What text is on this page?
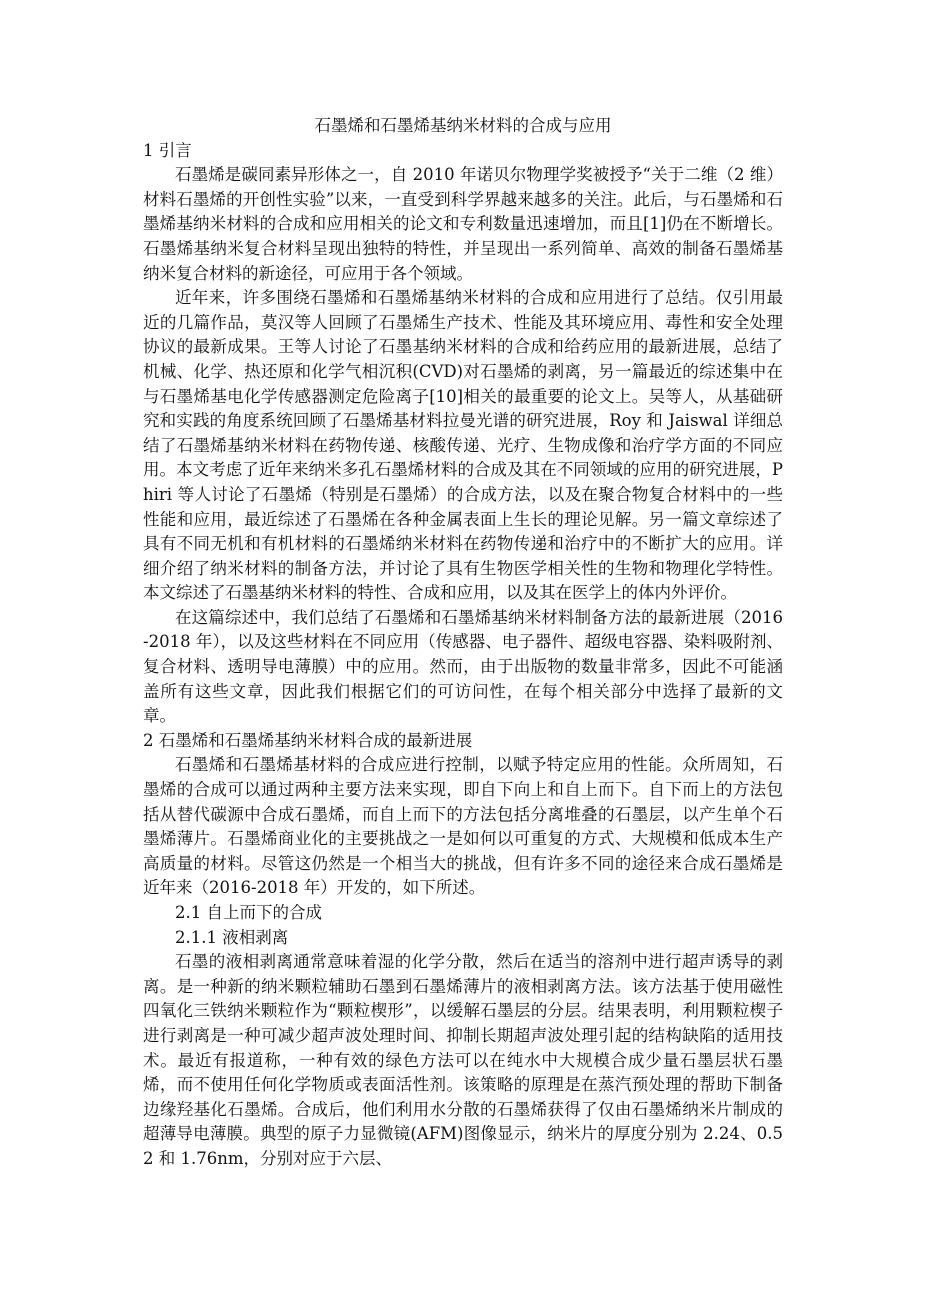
石墨烯和石墨烯基纳米材料的合成与应用
1 引言

石墨烯是碳同素异形体之一，自 2010 年诺贝尔物理学奖被授予“关于二维（2 维）材料石墨烯的开创性实验”以来，一直受到科学界越来越多的关注。此后，与石墨烯和石墨烯基纳米材料的合成和应用相关的论文和专利数量迅速增加，而且[1]仍在不断增长。石墨烯基纳米复合材料呈现出独特的特性，并呈现出一系列简单、高效的制备石墨烯基纳米复合材料的新途径，可应用于各个领域。

近年来，许多围绕石墨烯和石墨烯基纳米材料的合成和应用进行了总结。仅引用最近的几篇作品，莫汉等人回顾了石墨烯生产技术、性能及其环境应用、毒性和安全处理协议的最新成果。王等人讨论了石墨基纳米材料的合成和给药应用的最新进展，总结了机械、化学、热还原和化学气相沉积(CVD)对石墨烯的剥离，另一篇最近的综述集中在与石墨烯基电化学传感器测定危险离子[10]相关的最重要的论文上。吴等人，从基础研究和实践的角度系统回顾了石墨烯基材料拉曼光谱的研究进展，Roy 和 Jaiswal 详细总结了石墨烯基纳米材料在药物传递、核酸传递、光疗、生物成像和治疗学方面的不同应用。本文考虑了近年来纳米多孔石墨烯材料的合成及其在不同领域的应用的研究进展，Phiri 等人讨论了石墨烯（特别是石墨烯）的合成方法，以及在聚合物复合材料中的一些性能和应用，最近综述了石墨烯在各种金属表面上生长的理论见解。另一篇文章综述了具有不同无机和有机材料的石墨烯纳米材料在药物传递和治疗中的不断扩大的应用。详细介绍了纳米材料的制备方法，并讨论了具有生物医学相关性的生物和物理化学特性。本文综述了石墨基纳米材料的特性、合成和应用，以及其在医学上的体内外评价。

在这篇综述中，我们总结了石墨烯和石墨烯基纳米材料制备方法的最新进展（2016-2018 年），以及这些材料在不同应用（传感器、电子器件、超级电容器、染料吸附剂、复合材料、透明导电薄膜）中的应用。然而，由于出版物的数量非常多，因此不可能涵盖所有这些文章，因此我们根据它们的可访问性，在每个相关部分中选择了最新的文章。

2 石墨烯和石墨烯基纳米材料合成的最新进展

石墨烯和石墨烯基材料的合成应进行控制，以赋予特定应用的性能。众所周知，石墨烯的合成可以通过两种主要方法来实现，即自下向上和自上而下。自下而上的方法包括从替代碳源中合成石墨烯，而自上而下的方法包括分离堆叠的石墨层，以产生单个石墨烯薄片。石墨烯商业化的主要挑战之一是如何以可重复的方式、大规模和低成本生产高质量的材料。尽管这仍然是一个相当大的挑战，但有许多不同的途径来合成石墨烯是近年来（2016-2018 年）开发的，如下所述。

2.1 自上而下的合成
2.1.1 液相剥离

石墨的液相剥离通常意味着湿的化学分散，然后在适当的溶剂中进行超声诱导的剥离。是一种新的纳米颗粒辅助石墨到石墨烯薄片的液相剥离方法。该方法基于使用磁性四氧化三铁纳米颗粒作为“颗粒楔形”，以缓解石墨层的分层。结果表明，利用颗粒楔子进行剥离是一种可减少超声波处理时间、抑制长期超声波处理引起的结构缺陷的适用技术。最近有报道称，一种有效的绿色方法可以在纯水中大规模合成少量石墨层状石墨烯，而不使用任何化学物质或表面活性剂。该策略的原理是在蒸汽预处理的帮助下制备边缘羟基化石墨烯。合成后，他们利用水分散的石墨烯获得了仅由石墨烯纳米片制成的超薄导电薄膜。典型的原子力显微镜(AFM)图像显示，纳米片的厚度分别为 2.24、0.52 和 1.76nm，分别对应于六层、
